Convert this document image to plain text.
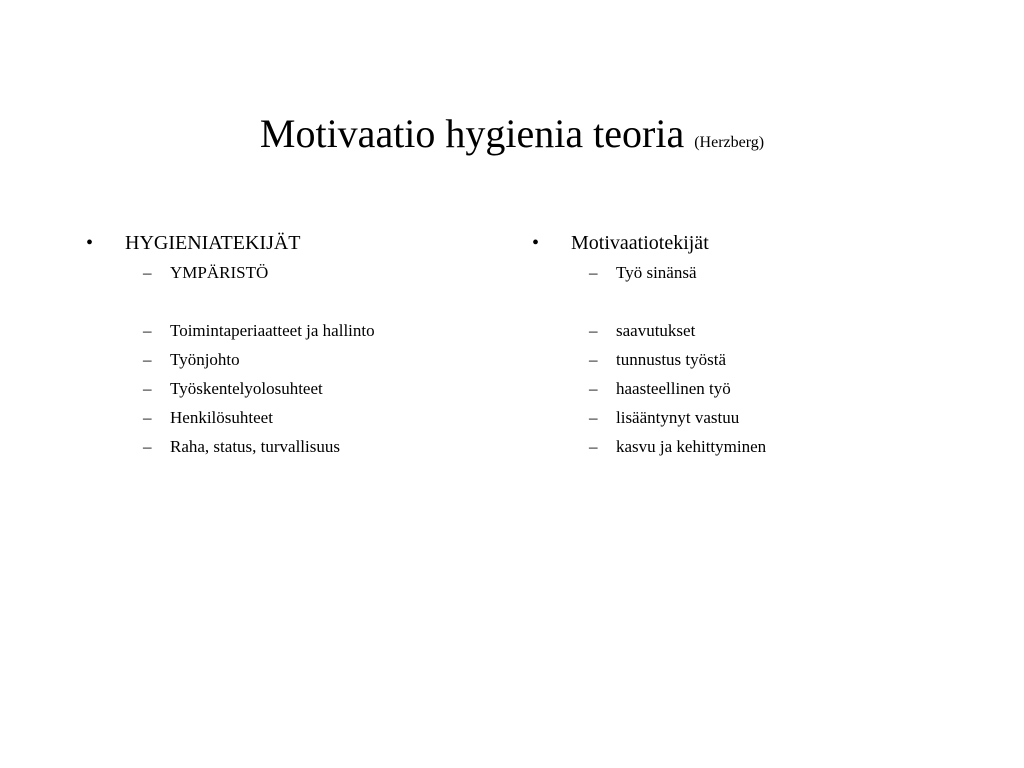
Motivaatio hygienia teoria (Herzberg)
•	HYGIENIATEKIJÄT
– YMPÄRISTÖ
– Toimintaperiaatteet ja hallinto
– Työnjohto
– Työskentelyolosuhteet
– Henkilösuhteet
– Raha, status, turvallisuus
•	Motivaatiotekijät
– Työ sinänsä
– saavutukset
– tunnustus työstä
– haasteellinen työ
– lisääntynyt vastuu
– kasvu ja kehittyminen
